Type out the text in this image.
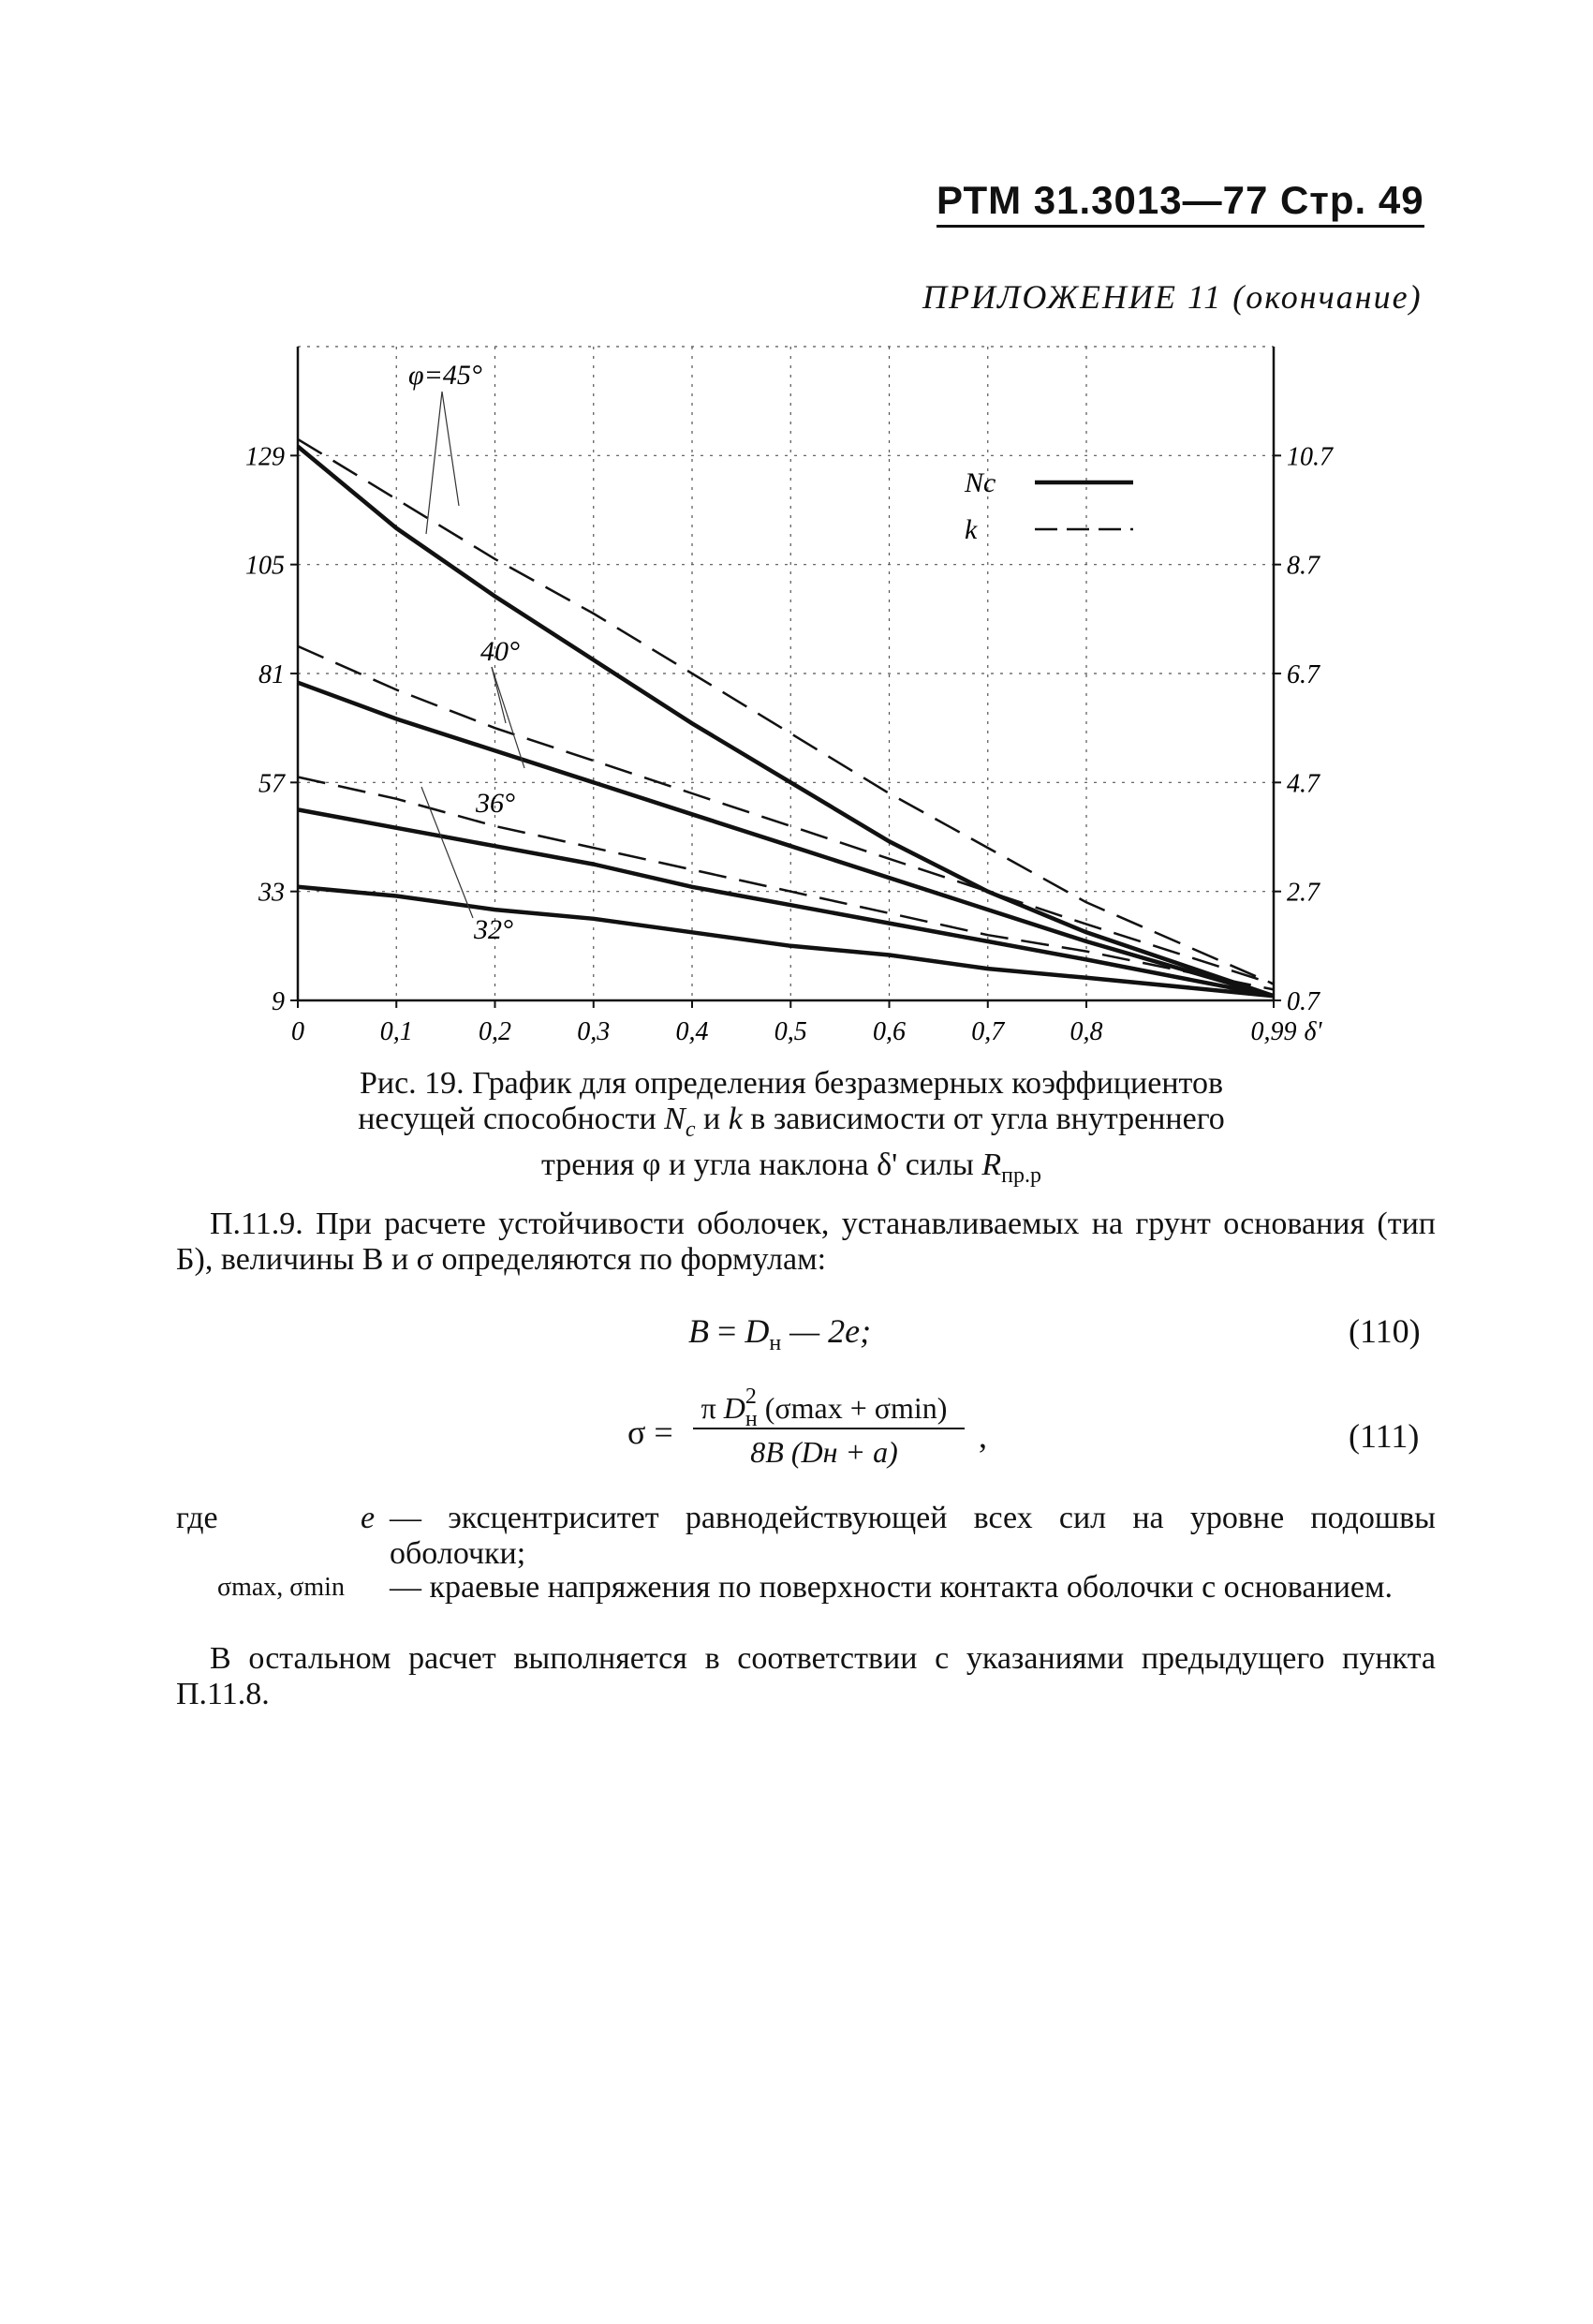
РТМ 31.3013—77 Стр. 49
ПРИЛОЖЕНИЕ 11 (окончание)
0	0,1	0,2	0,3	0,4	0,5	0,6	0,7	0,8	0,99 δ'
9
33
57
81
105
129
0.7
2.7
4.7
6.7
8.7
10.7
φ=45°
40°
36°
32°
Nc
k
Рис. 19. График для определения безразмерных коэффициентов
несущей способности $N_c$ и k в зависимости от угла внутреннего
трения φ и угла наклона δ' силы $R_{пр.р}$
П.11.9. При расчете устойчивости оболочек, устанавливаемых на грунт основания (тип Б), величины B и σ определяются по формулам:
$B = D_н$ — 2e;	(110)
σ =
π $D^2_н$ (σmax + σmin)
8B (Dн + a)	,	(111)
где	e — эксцентриситет равнодействующей всех сил на уровне подошвы оболочки;
σmax, σmin — краевые напряжения по поверхности контакта оболочки с основанием.
В остальном расчет выполняется в соответствии с указаниями предыдущего пункта П.11.8.
